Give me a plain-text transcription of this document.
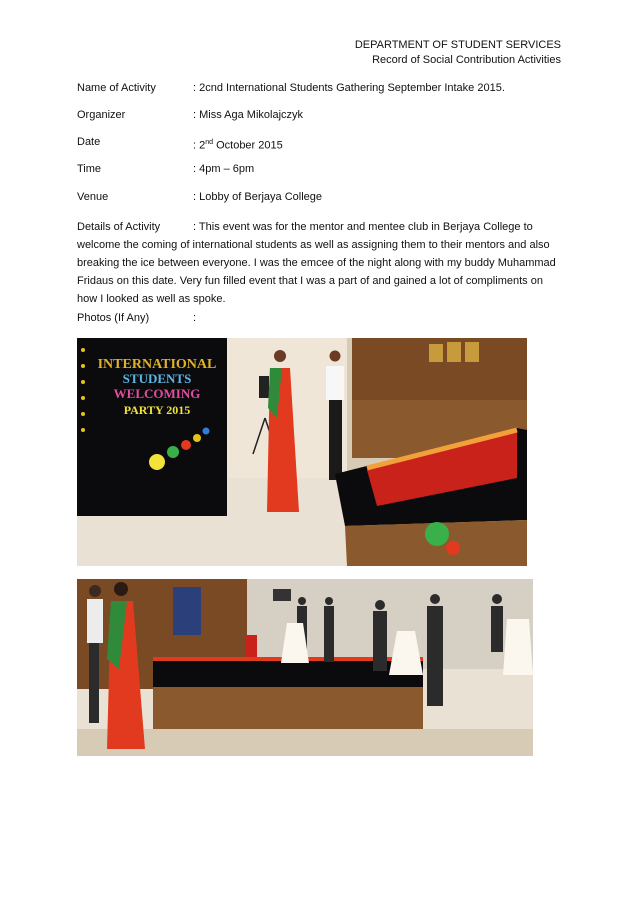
DEPARTMENT OF STUDENT SERVICES
Record of Social Contribution Activities
Name of Activity	: 2cnd International Students Gathering September Intake 2015.
Organizer	: Miss Aga Mikolajczyk
Date	: 2nd October 2015
Time	: 4pm – 6pm
Venue	: Lobby of Berjaya College
Details of Activity	: This event was for the mentor and mentee club in Berjaya College to welcome the coming of international students as well as assigning them to their mentors and also breaking the ice between everyone. I was the emcee of the night along with my buddy Muhammad Fridaus on this date. Very fun filled event that I was a part of and gained a lot of compliments on how I looked as well as spoke.
Photos (If Any)	:
INTERNATIONAL
STUDENTS
WELCOMING
PARTY 2015
